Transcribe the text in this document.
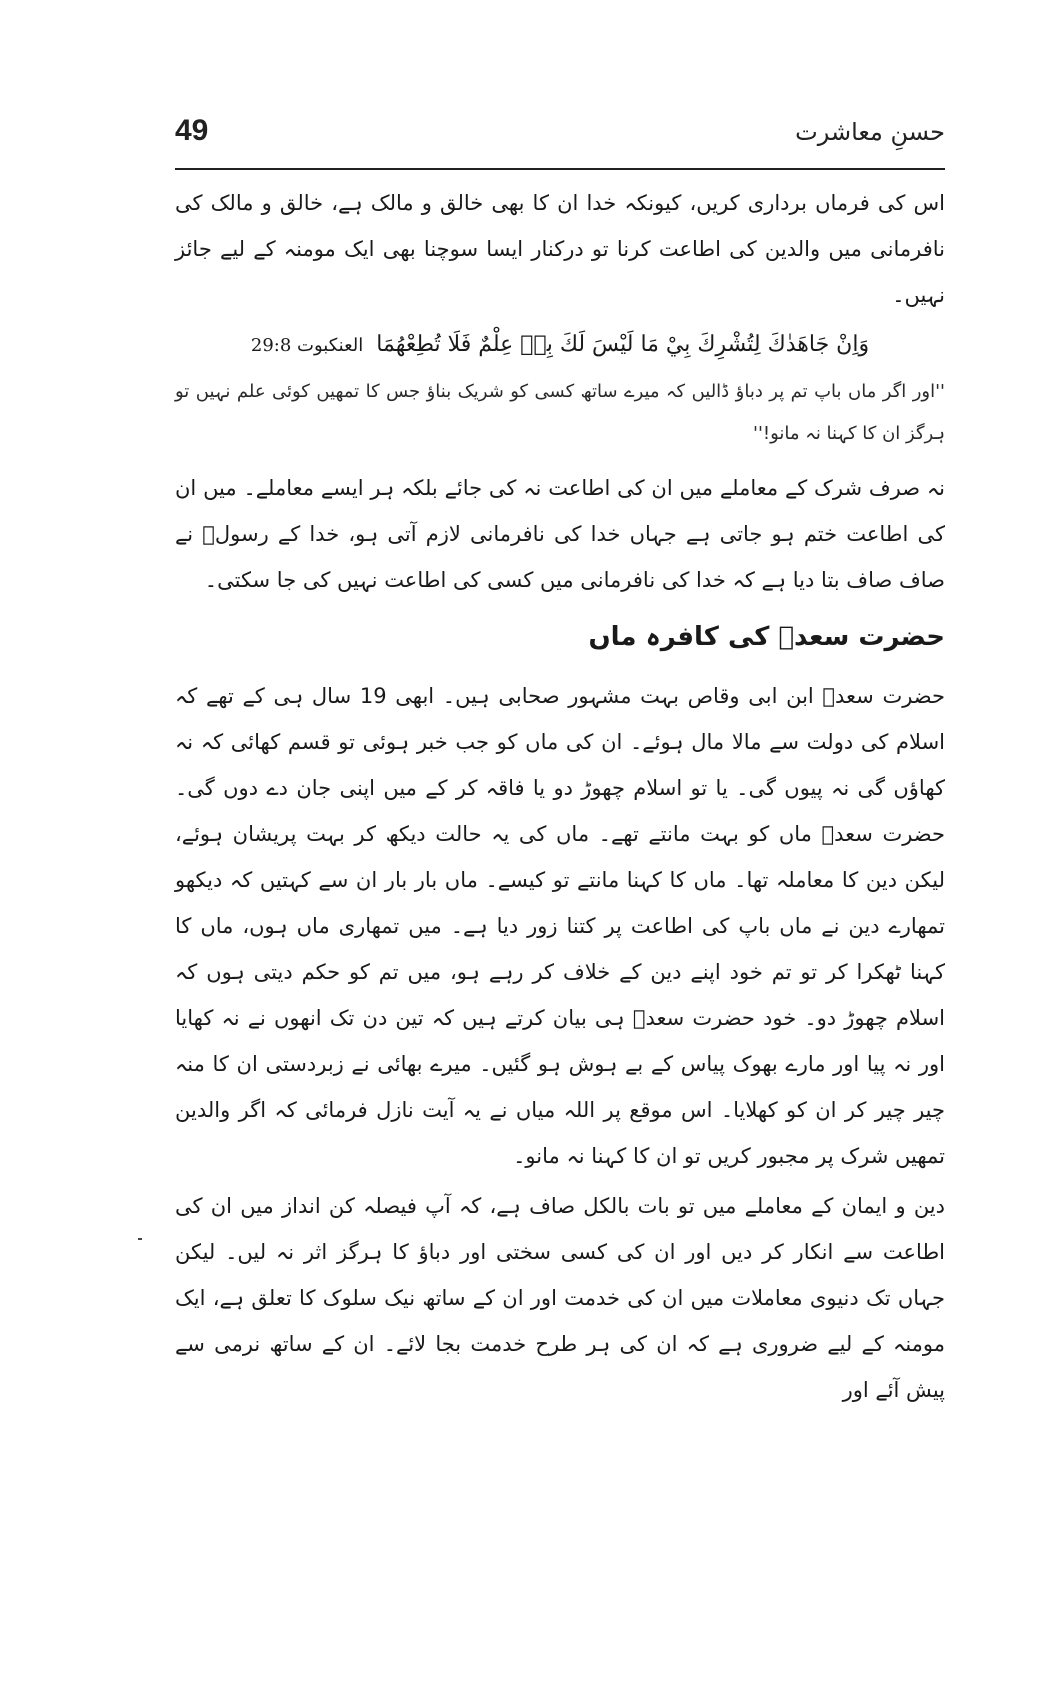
49	حسنِ معاشرت

اس کی فرماں برداری کریں، کیونکہ خدا ان کا بھی خالق و مالک ہے، خالق و مالک کی نافرمانی میں والدین کی اطاعت کرنا تو درکنار ایسا سوچنا بھی ایک مومنہ کے لیے جائز نہیں۔

وَاِنْ جَاهَدٰكَ لِتُشْرِكَ بِيْ مَا لَيْسَ لَكَ بِهٖ عِلْمٌ فَلَا تُطِعْهُمَا العنکبوت 29:8

''اور اگر ماں باپ تم پر دباؤ ڈالیں کہ میرے ساتھ کسی کو شریک بناؤ جس کا تمھیں کوئی علم نہیں تو ہرگز ان کا کہنا نہ مانو!''

نہ صرف شرک کے معاملے میں ان کی اطاعت نہ کی جائے بلکہ ہر ایسے معاملے۔ میں ان کی اطاعت ختم ہو جاتی ہے جہاں خدا کی نافرمانی لازم آتی ہو، خدا کے رسولؐ نے صاف صاف بتا دیا ہے کہ خدا کی نافرمانی میں کسی کی اطاعت نہیں کی جا سکتی۔

حضرت سعدؓ کی کافرہ ماں

حضرت سعدؓ ابن ابی وقاص بہت مشہور صحابی ہیں۔ ابھی 19 سال ہی کے تھے کہ اسلام کی دولت سے مالا مال ہوئے۔ ان کی ماں کو جب خبر ہوئی تو قسم کھائی کہ نہ کھاؤں گی نہ پیوں گی۔ یا تو اسلام چھوڑ دو یا فاقہ کر کے میں اپنی جان دے دوں گی۔ حضرت سعدؓ ماں کو بہت مانتے تھے۔ ماں کی یہ حالت دیکھ کر بہت پریشان ہوئے، لیکن دین کا معاملہ تھا۔ ماں کا کہنا مانتے تو کیسے۔ ماں بار بار ان سے کہتیں کہ دیکھو تمھارے دین نے ماں باپ کی اطاعت پر کتنا زور دیا ہے۔ میں تمھاری ماں ہوں، ماں کا کہنا ٹھکرا کر تو تم خود اپنے دین کے خلاف کر رہے ہو، میں تم کو حکم دیتی ہوں کہ اسلام چھوڑ دو۔ خود حضرت سعدؓ ہی بیان کرتے ہیں کہ تین دن تک انھوں نے نہ کھایا اور نہ پیا اور مارے بھوک پیاس کے بے ہوش ہو گئیں۔ میرے بھائی نے زبردستی ان کا منہ چیر چیر کر ان کو کھلایا۔ اس موقع پر اللہ میاں نے یہ آیت نازل فرمائی کہ اگر والدین تمھیں شرک پر مجبور کریں تو ان کا کہنا نہ مانو۔

دین و ایمان کے معاملے میں تو بات بالکل صاف ہے، کہ آپ فیصلہ کن انداز میں ان کی اطاعت سے انکار کر دیں اور ان کی کسی سختی اور دباؤ کا ہرگز اثر نہ لیں۔ لیکن جہاں تک دنیوی معاملات میں ان کی خدمت اور ان کے ساتھ نیک سلوک کا تعلق ہے، ایک مومنہ کے لیے ضروری ہے کہ ان کی ہر طرح خدمت بجا لائے۔ ان کے ساتھ نرمی سے پیش آئے اور
